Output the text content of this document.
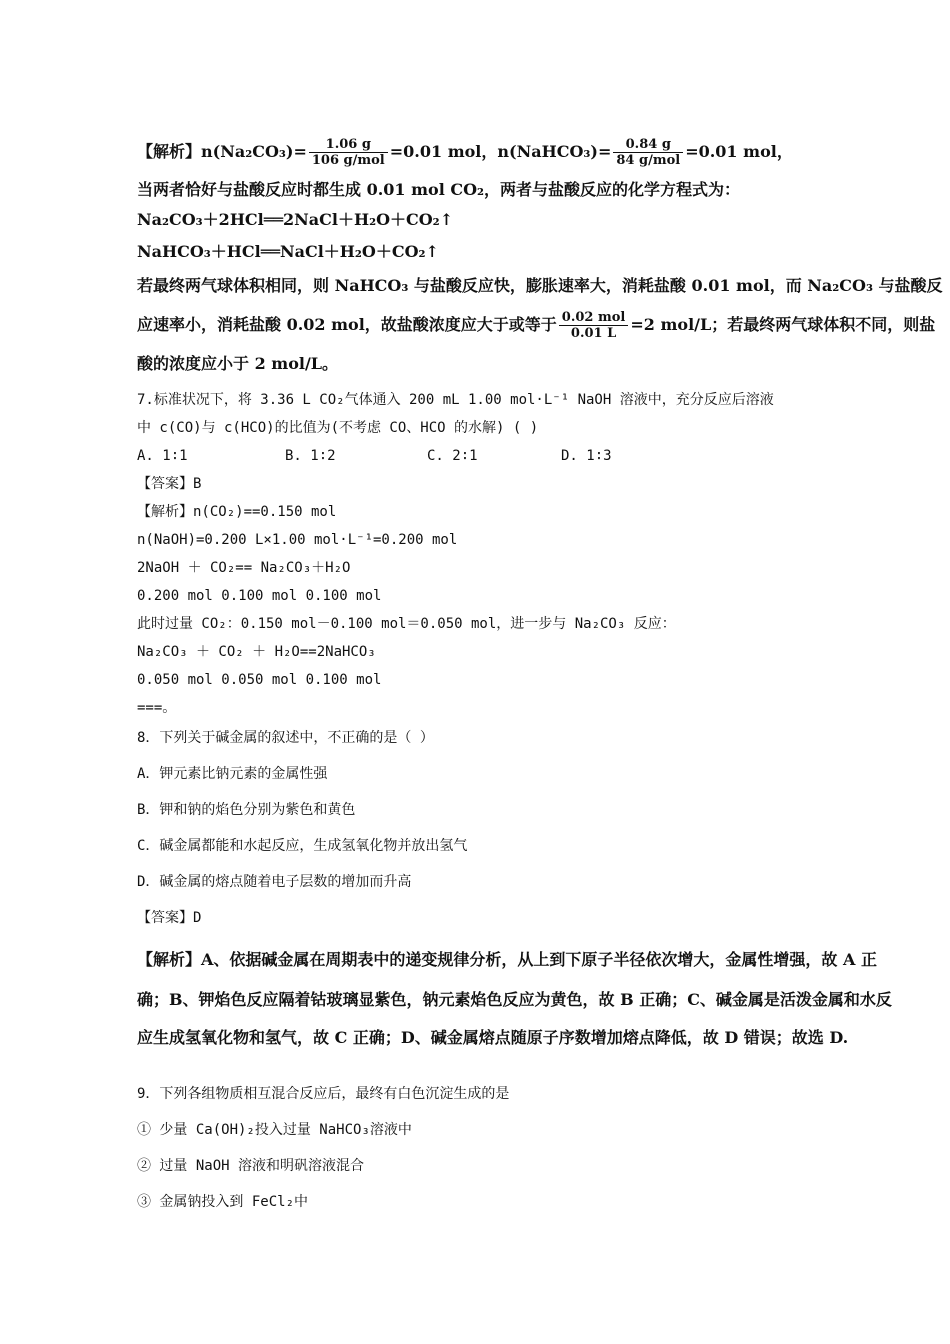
【解析】$n(Na_2CO_3)= \frac{1.06 g}{\text{106 g/mol}} =0.01$ mol，n(NaHCO₃)= $\frac{0.84 g}{\text{84 g/mol}} =0.01$ mol，
当两者恰好与盐酸反应时都生成 0.01 mol CO₂，两者与盐酸反应的化学方程式为：
Na₂CO₃＋2HCl══2NaCl＋H₂O＋CO₂↑
NaHCO₃＋HCl══NaCl＋H₂O＋CO₂↑
若最终两气球体积相同，则 NaHCO₃ 与盐酸反应快，膨胀速率大，消耗盐酸 0.01 mol，而 Na₂CO₃ 与盐酸反
应速率小，消耗盐酸 0.02 mol，故盐酸浓度应大于或等于 $\frac{\text{0.02 mol}}{0.01 L} =2$ mol/L；若最终两气球体积不同，则盐
酸的浓度应小于 2 mol/L。
7.标准状况下，将 3.36 L CO₂气体通入 200 mL 1.00 mol·L⁻¹ NaOH 溶液中，充分反应后溶液
中 c(CO)与 c(HCO)的比值为(不考虑 CO、HCO 的水解) ( )
A. 1∶1	B. 1∶2	C. 2∶1	D. 1∶3
【答案】B
【解析】n(CO₂)==0.150 mol
n(NaOH)=0.200 L×1.00 mol·L⁻¹=0.200 mol
2NaOH ＋ CO₂== Na₂CO₃＋H₂O
0.200 mol 0.100 mol 0.100 mol
此时过量 CO₂：0.150 mol－0.100 mol＝0.050 mol，进一步与 Na₂CO₃ 反应：
Na₂CO₃ ＋ CO₂ ＋ H₂O==2NaHCO₃
0.050 mol 0.050 mol 0.100 mol
===。
8．下列关于碱金属的叙述中，不正确的是（ ）
A．钾元素比钠元素的金属性强
B．钾和钠的焰色分别为紫色和黄色
C．碱金属都能和水起反应，生成氢氧化物并放出氢气
D．碱金属的熔点随着电子层数的增加而升高
【答案】D
【解析】A、依据碱金属在周期表中的递变规律分析，从上到下原子半径依次增大，金属性增强，故 A 正
确；B、钾焰色反应隔着钴玻璃显紫色，钠元素焰色反应为黄色，故 B 正确；C、碱金属是活泼金属和水反
应生成氢氧化物和氢气，故 C 正确；D、碱金属熔点随原子序数增加熔点降低，故 D 错误；故选 D.
9．下列各组物质相互混合反应后，最终有白色沉淀生成的是
① 少量 Ca(OH)₂投入过量 NaHCO₃溶液中
② 过量 NaOH 溶液和明矾溶液混合
③ 金属钠投入到 FeCl₂中
